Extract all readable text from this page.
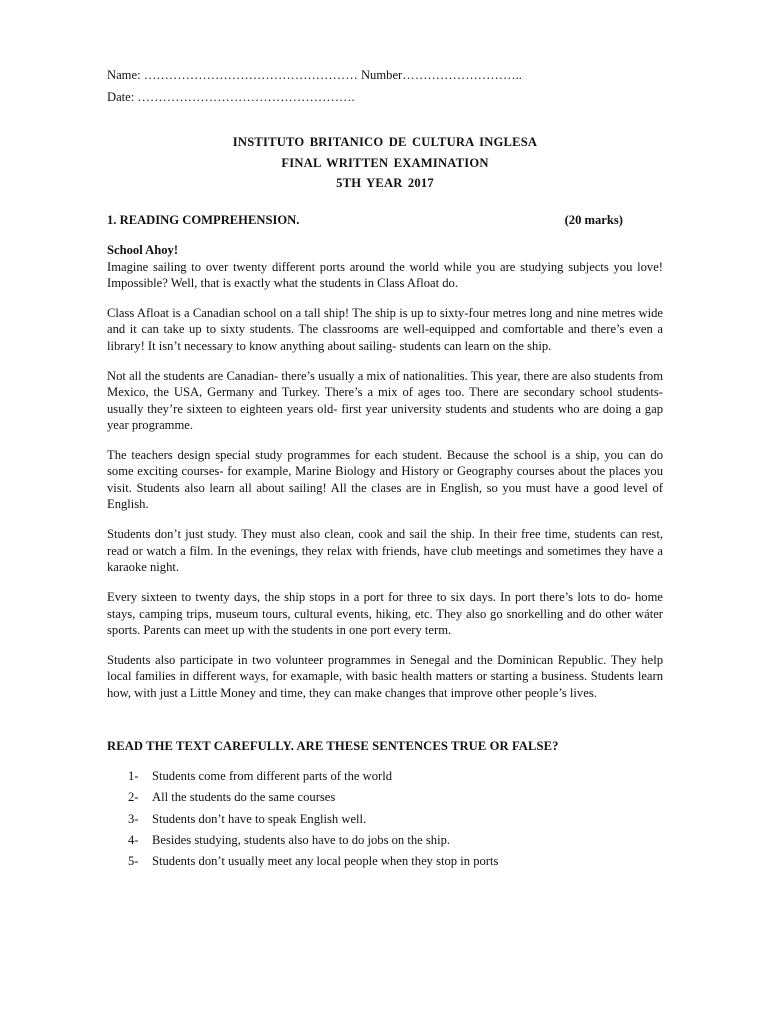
Name: …………………………………………… Number………………………..
Date: …………………………………………….
INSTITUTO BRITANICO DE CULTURA INGLESA
FINAL WRITTEN EXAMINATION
5TH YEAR 2017
1. READING COMPREHENSION.	(20 marks)
School Ahoy!

Imagine sailing to over twenty different ports around the world while you are studying subjects you love! Impossible? Well, that is exactly what the students in Class Afloat do.

Class Afloat is a Canadian school on a tall ship! The ship is up to sixty-four metres long and nine metres wide and it can take up to sixty students. The classrooms are well-equipped and comfortable and there’s even a library! It isn’t necessary to know anything about sailing- students can learn on the ship.

Not all the students are Canadian- there’s usually a mix of nationalities. This year, there are also students from Mexico, the USA, Germany and Turkey. There’s a mix of ages too. There are secondary school students- usually they’re sixteen to eighteen years old- first year university students and students who are doing a gap year programme.

The teachers design special study programmes for each student. Because the school is a ship, you can do some exciting courses- for example, Marine Biology and History or Geography courses about the places you visit. Students also learn all about sailing! All the clases are in English, so you must have a good level of English.

Students don’t just study. They must also clean, cook and sail the ship. In their free time, students can rest, read or watch a film. In the evenings, they relax with friends, have club meetings and sometimes they have a karaoke night.

Every sixteen to twenty days, the ship stops in a port for three to six days. In port there’s lots to do- home stays, camping trips, museum tours, cultural events, hiking, etc. They also go snorkelling and do other wáter sports. Parents can meet up with the students in one port every term.

Students also participate in two volunteer programmes in Senegal and the Dominican Republic. They help local families in different ways, for examaple, with basic health matters or starting a business. Students learn how, with just a Little Money and time, they can make changes that improve other people’s lives.

READ THE TEXT CAREFULLY. ARE THESE SENTENCES TRUE OR FALSE?
1-	Students come from different parts of the world
2-	All the students do the same courses
3-	Students don’t have to speak English well.
4-	Besides studying, students also have to do jobs on the ship.
5-	Students don’t usually meet any local people when they stop in ports
